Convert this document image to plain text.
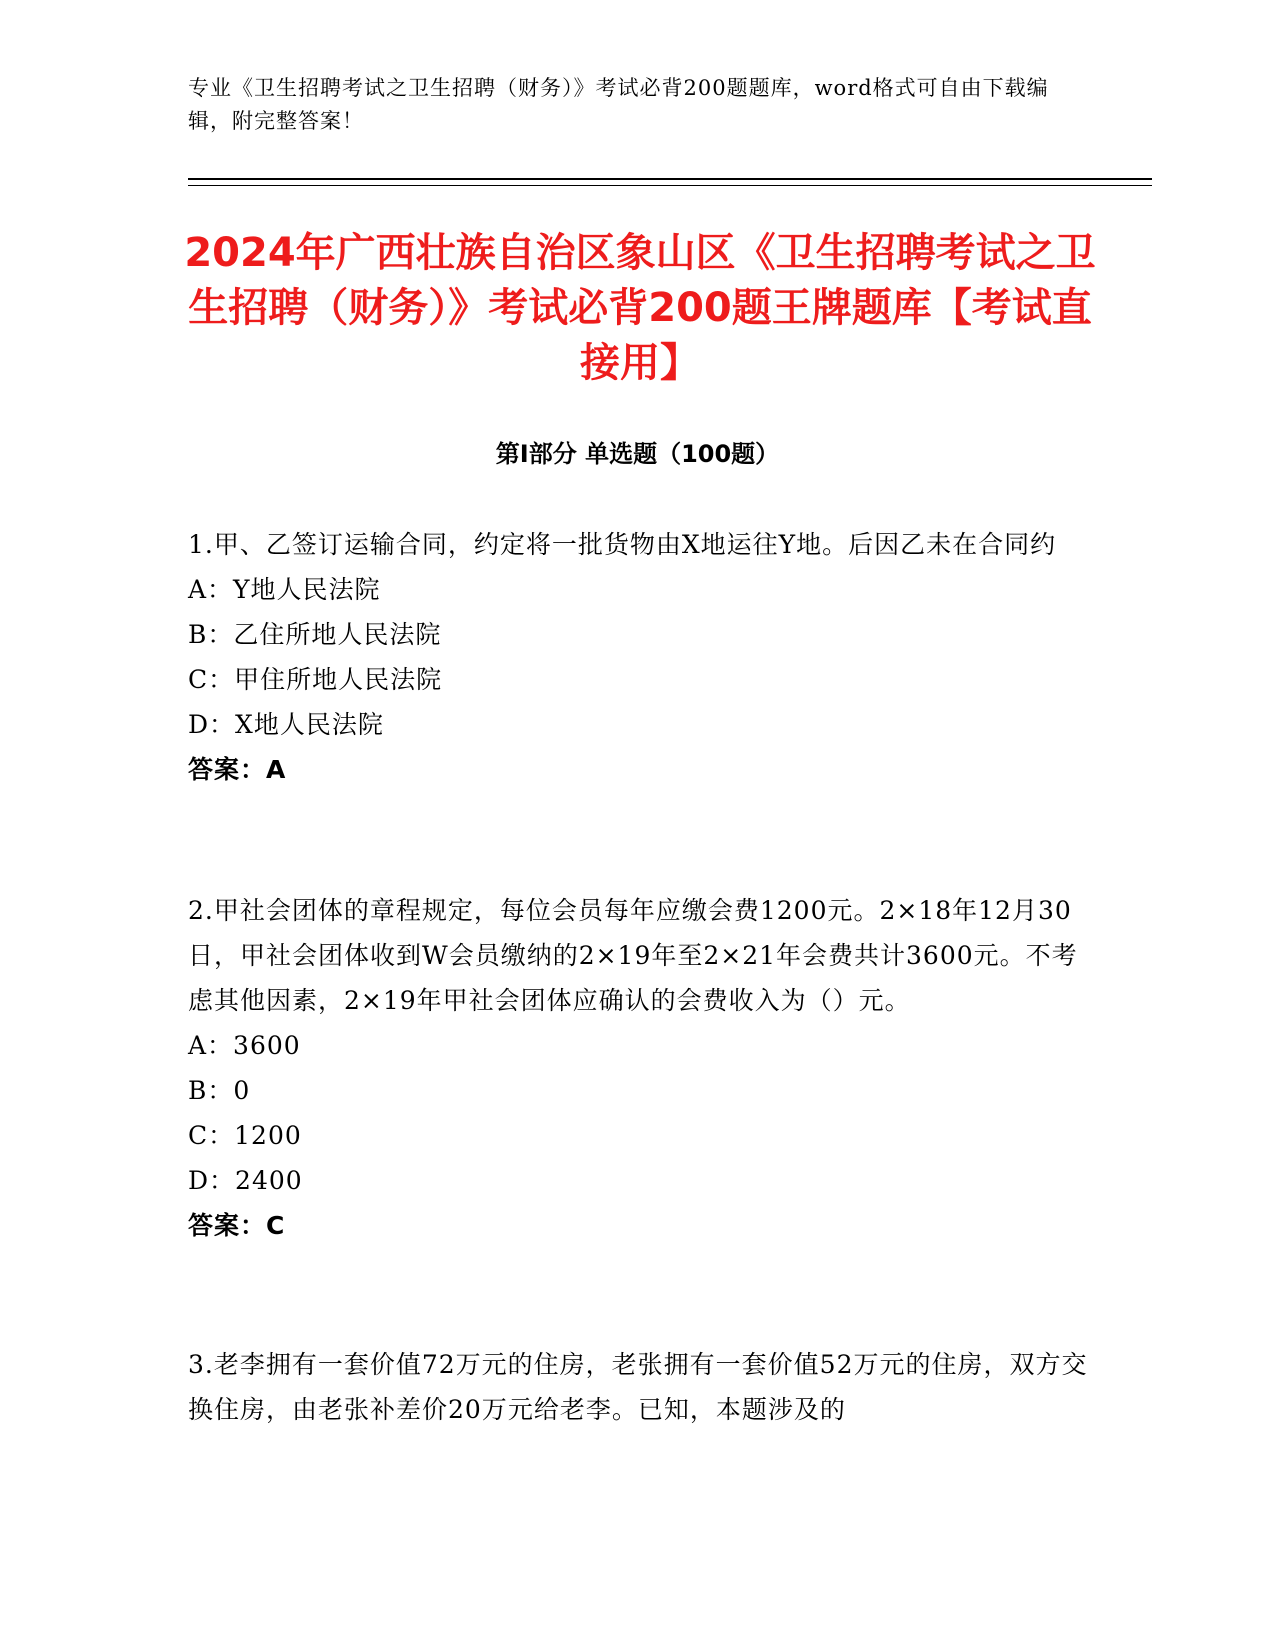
专业《卫生招聘考试之卫生招聘（财务）》考试必背200题题库，word格式可自由下载编辑，附完整答案！
2024年广西壮族自治区象山区《卫生招聘考试之卫生招聘（财务）》考试必背200题王牌题库【考试直接用】
第Ⅰ部分 单选题（100题）
1.甲、乙签订运输合同，约定将一批货物由X地运往Y地。后因乙未在合同约
A：Y地人民法院
B：乙住所地人民法院
C：甲住所地人民法院
D：X地人民法院
答案：A
2.甲社会团体的章程规定，每位会员每年应缴会费1200元。2×18年12月30日，甲社会团体收到W会员缴纳的2×19年至2×21年会费共计3600元。不考虑其他因素，2×19年甲社会团体应确认的会费收入为（）元。
A：3600
B：0
C：1200
D：2400
答案：C
3.老李拥有一套价值72万元的住房，老张拥有一套价值52万元的住房，双方交换住房，由老张补差价20万元给老李。已知，本题涉及的
